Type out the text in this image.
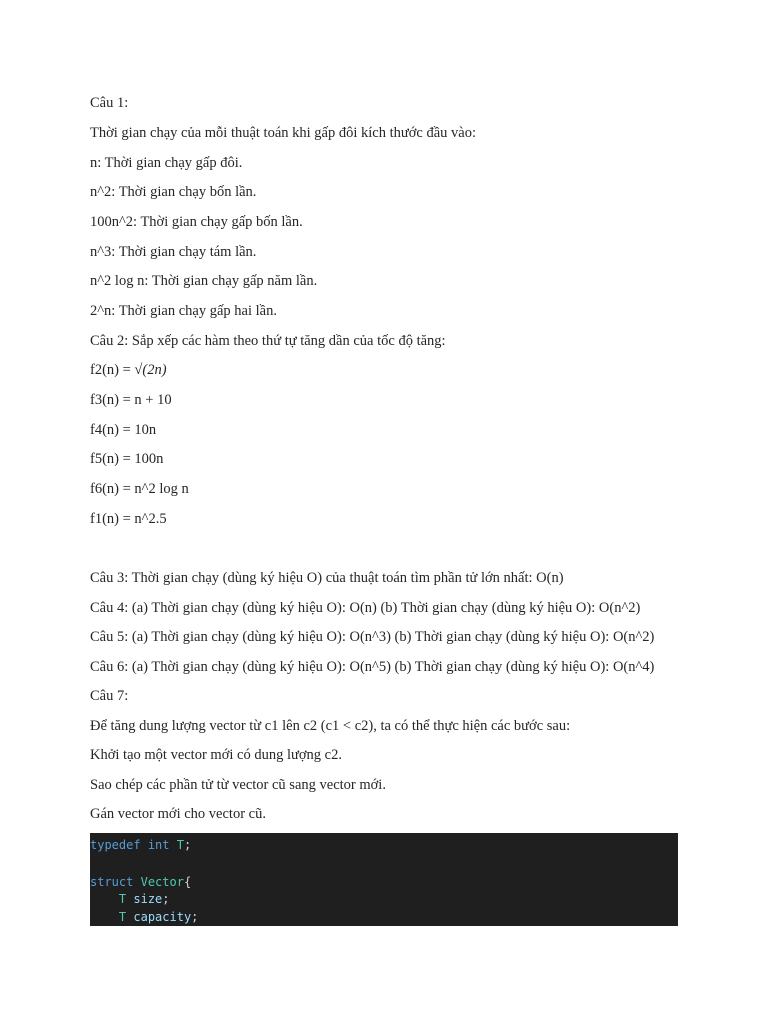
Câu 1:
Thời gian chạy của mỗi thuật toán khi gấp đôi kích thước đầu vào:
n: Thời gian chạy gấp đôi.
n^2: Thời gian chạy bốn lần.
100n^2: Thời gian chạy gấp bốn lần.
n^3: Thời gian chạy tám lần.
n^2 log n: Thời gian chạy gấp năm lần.
2^n: Thời gian chạy gấp hai lần.
Câu 2: Sắp xếp các hàm theo thứ tự tăng dần của tốc độ tăng:
f2(n) = √(2n)
f3(n) = n + 10
f4(n) = 10n
f5(n) = 100n
f6(n) = n^2 log n
f1(n) = n^2.5
Câu 3: Thời gian chạy (dùng ký hiệu O) của thuật toán tìm phần tử lớn nhất: O(n)
Câu 4: (a) Thời gian chạy (dùng ký hiệu O): O(n) (b) Thời gian chạy (dùng ký hiệu O): O(n^2)
Câu 5: (a) Thời gian chạy (dùng ký hiệu O): O(n^3) (b) Thời gian chạy (dùng ký hiệu O): O(n^2)
Câu 6: (a) Thời gian chạy (dùng ký hiệu O): O(n^5) (b) Thời gian chạy (dùng ký hiệu O): O(n^4)
Câu 7:
Để tăng dung lượng vector từ c1 lên c2 (c1 < c2), ta có thể thực hiện các bước sau:
Khởi tạo một vector mới có dung lượng c2.
Sao chép các phần tử từ vector cũ sang vector mới.
Gán vector mới cho vector cũ.
typedef int T;
struct Vector{
T size;
T capacity;
